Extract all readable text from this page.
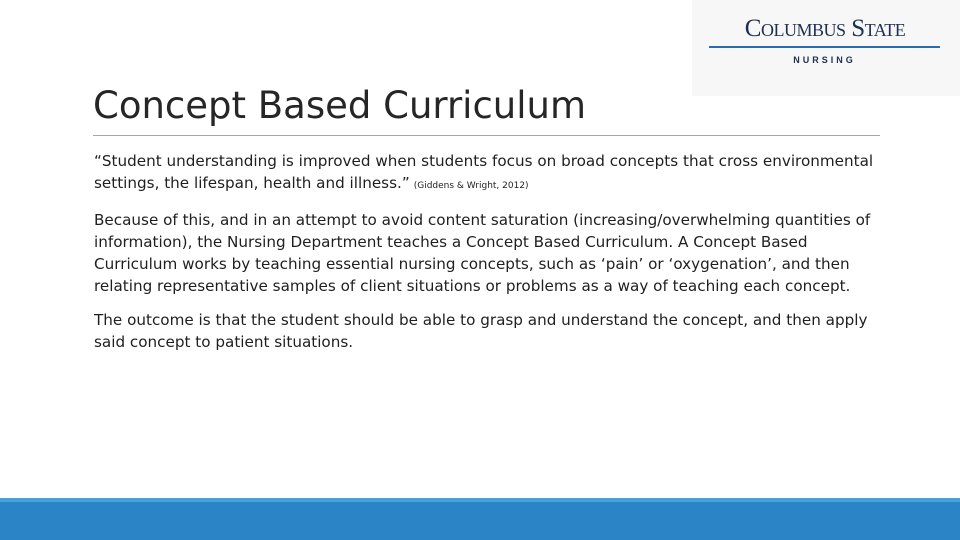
Columbus State
NURSING
Concept Based Curriculum

“Student understanding is improved when students focus on broad concepts that cross environmental settings, the lifespan, health and illness.” (Giddens & Wright, 2012)

Because of this, and in an attempt to avoid content saturation (increasing/overwhelming quantities of information), the Nursing Department teaches a Concept Based Curriculum. A Concept Based Curriculum works by teaching essential nursing concepts, such as ‘pain’ or ‘oxygenation’, and then relating representative samples of client situations or problems as a way of teaching each concept.

The outcome is that the student should be able to grasp and understand the concept, and then apply said concept to patient situations.
